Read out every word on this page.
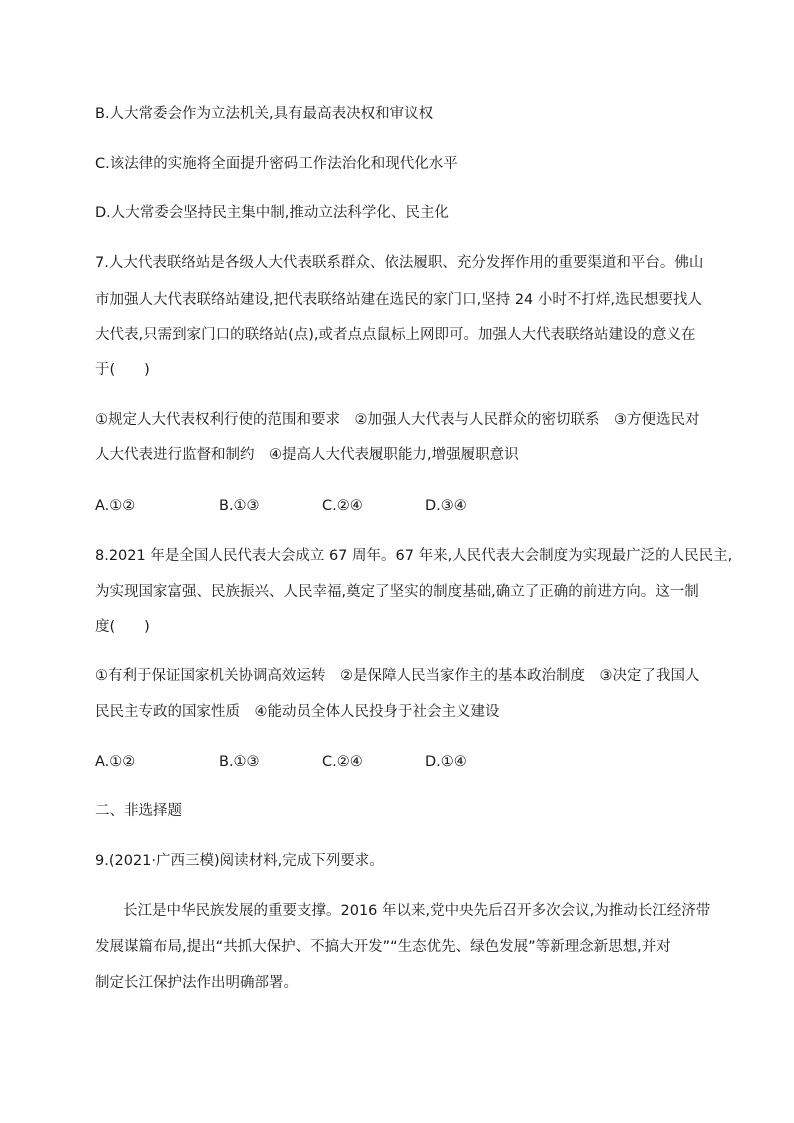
B.人大常委会作为立法机关,具有最高表决权和审议权
C.该法律的实施将全面提升密码工作法治化和现代化水平
D.人大常委会坚持民主集中制,推动立法科学化、民主化
7.人大代表联络站是各级人大代表联系群众、依法履职、充分发挥作用的重要渠道和平台。佛山
市加强人大代表联络站建设,把代表联络站建在选民的家门口,坚持 24 小时不打烊,选民想要找人
大代表,只需到家门口的联络站(点),或者点点鼠标上网即可。加强人大代表联络站建设的意义在
于(　　)
①规定人大代表权利行使的范围和要求　②加强人大代表与人民群众的密切联系　③方便选民对
人大代表进行监督和制约　④提高人大代表履职能力,增强履职意识
A.①②	B.①③	C.②④	D.③④
8.2021 年是全国人民代表大会成立 67 周年。67 年来,人民代表大会制度为实现最广泛的人民民主,
为实现国家富强、民族振兴、人民幸福,奠定了坚实的制度基础,确立了正确的前进方向。这一制
度(　　)
①有利于保证国家机关协调高效运转　②是保障人民当家作主的基本政治制度　③决定了我国人
民民主专政的国家性质　④能动员全体人民投身于社会主义建设
A.①②	B.①③	C.②④	D.①④
二、非选择题
9.(2021·广西三模)阅读材料,完成下列要求。
长江是中华民族发展的重要支撑。2016 年以来,党中央先后召开多次会议,为推动长江经济带
发展谋篇布局,提出“共抓大保护、不搞大开发”“生态优先、绿色发展”等新理念新思想,并对
制定长江保护法作出明确部署。
